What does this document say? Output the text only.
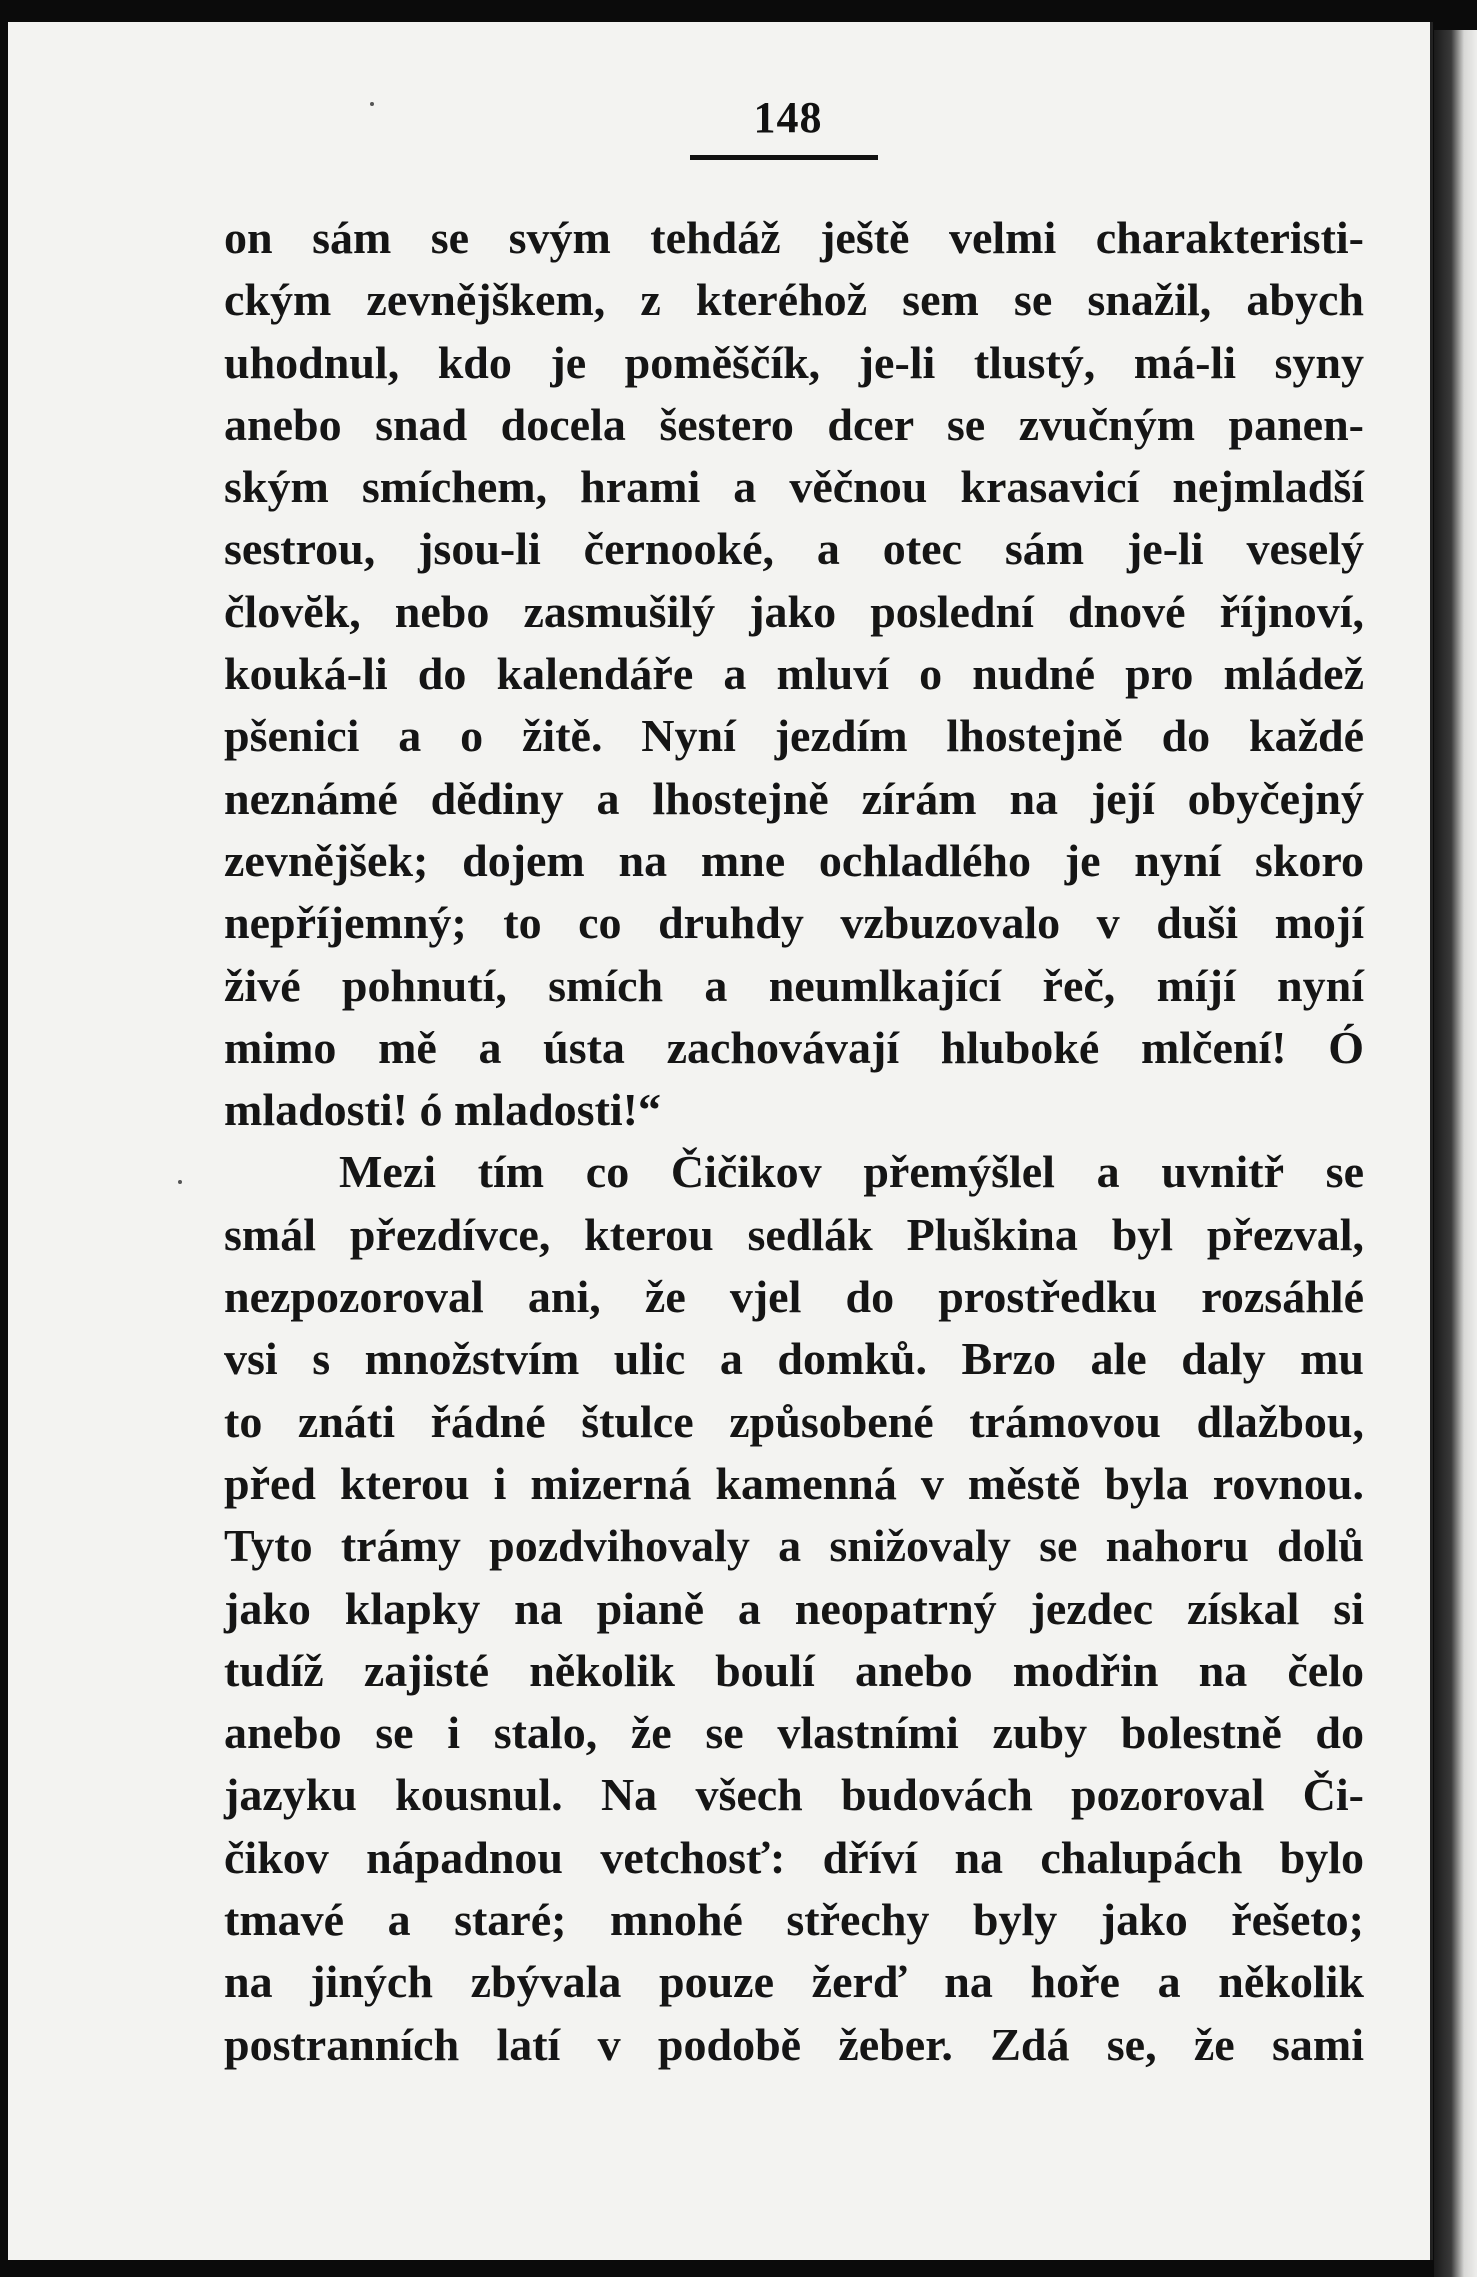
148
on sám se svým tehdáž ještě velmi charakteristi-
ckým zevnějškem, z kteréhož sem se snažil, abych
uhodnul, kdo je poměščík, je-li tlustý, má-li syny
anebo snad docela šestero dcer se zvučným panen-
ským smíchem, hrami a věčnou krasavicí nejmladší
sestrou, jsou-li černooké, a otec sám je-li veselý
človĕk, nebo zasmušilý jako poslední dnové říjnoví,
kouká-li do kalendáře a mluví o nudné pro mládež
pšenici a o žitě. Nyní jezdím lhostejně do každé
neznámé dědiny a lhostejně zírám na její obyčejný
zevnějšek; dojem na mne ochladlého je nyní skoro
nepříjemný; to co druhdy vzbuzovalo v duši mojí
živé pohnutí, smích a neumlkající řeč, míjí nyní
mimo mě a ústa zachovávají hluboké mlčení! Ó
mladosti! ó mladosti!“
Mezi tím co Čičikov přemýšlel a uvnitř se
smál přezdívce, kterou sedlák Pluškina byl přezval,
nezpozoroval ani, že vjel do prostředku rozsáhlé
vsi s množstvím ulic a domků. Brzo ale daly mu
to znáti řádné štulce způsobené trámovou dlažbou,
před kterou i mizerná kamenná v městě byla rovnou.
Tyto trámy pozdvihovaly a snižovaly se nahoru dolů
jako klapky na pianě a neopatrný jezdec získal si
tudíž zajisté několik boulí anebo modřin na čelo
anebo se i stalo, že se vlastními zuby bolestně do
jazyku kousnul. Na všech budovách pozoroval Či-
čikov nápadnou vetchosť: dříví na chalupách bylo
tmavé a staré; mnohé střechy byly jako řešeto;
na jiných zbývala pouze žerď na hoře a několik
postranních latí v podobě žeber. Zdá se, že sami
